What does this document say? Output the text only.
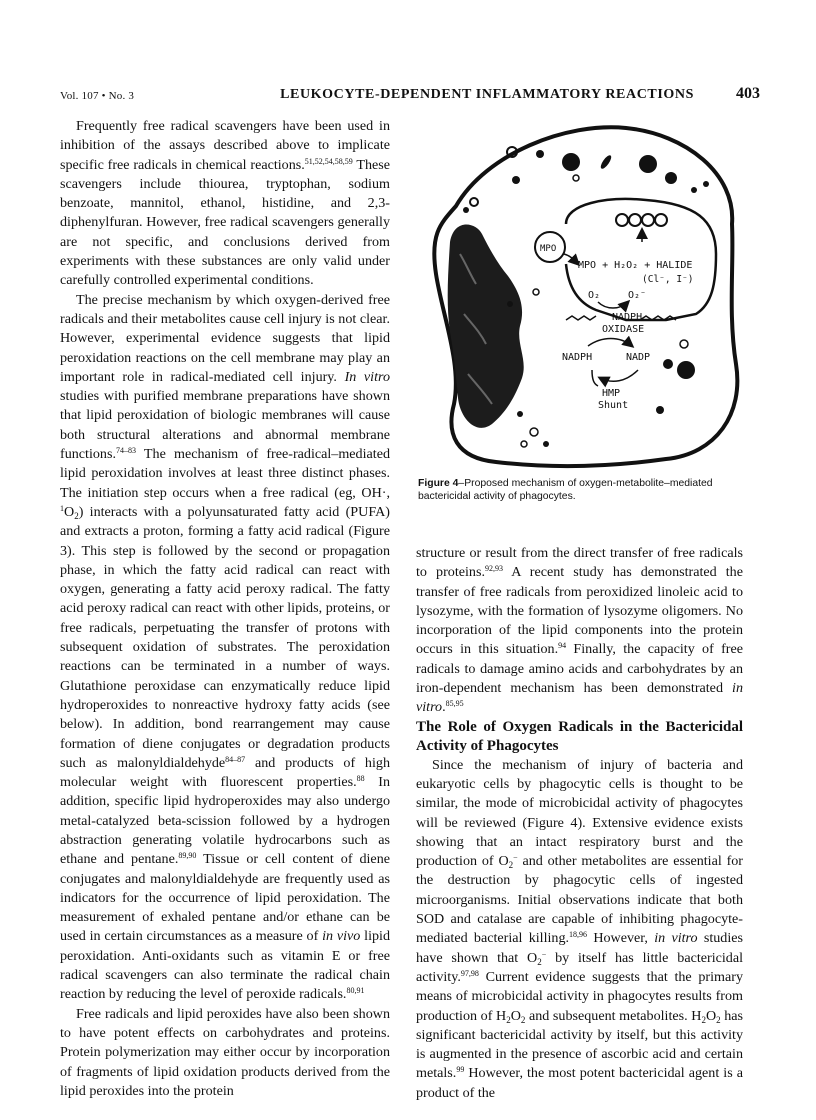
Vol. 107 • No. 3	LEUKOCYTE-DEPENDENT INFLAMMATORY REACTIONS	403

Frequently free radical scavengers have been used in inhibition of the assays described above to implicate specific free radicals in chemical reactions.$^{51,52,54,58,59}$ These scavengers include thiourea, tryptophan, sodium benzoate, mannitol, ethanol, histidine, and 2,3-diphenylfuran. However, free radical scavengers generally are not specific, and conclusions derived from experiments with these substances are only valid under carefully controlled experimental conditions.

The precise mechanism by which oxygen-derived free radicals and their metabolites cause cell injury is not clear. However, experimental evidence suggests that lipid peroxidation reactions on the cell membrane may play an important role in radical-mediated cell injury. In vitro studies with purified membrane preparations have shown that lipid peroxidation of biologic membranes will cause both structural alterations and abnormal membrane functions.$^{74-83}$ The mechanism of free-radical–mediated lipid peroxidation involves at least three distinct phases. The initiation step occurs when a free radical (eg, OH·, $^1O_2$) interacts with a polyunsaturated fatty acid (PUFA) and extracts a proton, forming a fatty acid radical (Figure 3). This step is followed by the second or propagation phase, in which the fatty acid radical can react with oxygen, generating a fatty acid peroxy radical. The fatty acid peroxy radical can react with other lipids, proteins, or free radicals, perpetuating the transfer of protons with subsequent oxidation of substrates. The peroxidation reactions can be terminated in a number of ways. Glutathione peroxidase can enzymatically reduce lipid hydroperoxides to nonreactive hydroxy fatty acids (see below). In addition, bond rearrangement may cause formation of diene conjugates or degradation products such as malonyldialdehyde$^{84-87}$ and products of high molecular weight with fluorescent properties.$^{88}$ In addition, specific lipid hydroperoxides may also undergo metal-catalyzed beta-scission followed by a hydrogen abstraction generating volatile hydrocarbons such as ethane and pentane.$^{89,90}$ Tissue or cell content of diene conjugates and malonyldialdehyde are frequently used as indicators for the occurrence of lipid peroxidation. The measurement of exhaled pentane and/or ethane can be used in certain circumstances as a measure of in vivo lipid peroxidation. Anti-oxidants such as vitamin E or free radical scavengers can also terminate the radical chain reaction by reducing the level of peroxide radicals.$^{80,91}$

Free radicals and lipid peroxides have also been shown to have potent effects on carbohydrates and proteins. Protein polymerization may either occur by incorporation of fragments of lipid oxidation products derived from the lipid peroxides into the protein

MPO
MPO + H₂O₂ + HALIDE
(Cl⁻, I⁻)
O₂	O₂⁻
NADPH
OXIDASE
NADPH	NADP
HMP
Shunt
Figure 4–Proposed mechanism of oxygen-metabolite–mediated bactericidal activity of phagocytes.

structure or result from the direct transfer of free radicals to proteins.$^{92,93}$ A recent study has demonstrated the transfer of free radicals from peroxidized linoleic acid to lysozyme, with the formation of lysozyme oligomers. No incorporation of the lipid components into the protein occurs in this situation.$^{94}$ Finally, the capacity of free radicals to damage amino acids and carbohydrates by an iron-dependent mechanism has been demonstrated in vitro.$^{85,95}$

The Role of Oxygen Radicals in the Bactericidal Activity of Phagocytes

Since the mechanism of injury of bacteria and eukaryotic cells by phagocytic cells is thought to be similar, the mode of microbicidal activity of phagocytes will be reviewed (Figure 4). Extensive evidence exists showing that an intact respiratory burst and the production of $O_2^-$ and other metabolites are essential for the destruction by phagocytic cells of ingested microorganisms. Initial observations indicate that both SOD and catalase are capable of inhibiting phagocyte-mediated bacterial killing.$^{18,96}$ However, in vitro studies have shown that $O_2^-$ by itself has little bactericidal activity.$^{97,98}$ Current evidence suggests that the primary means of microbicidal activity in phagocytes results from production of $H_2O_2$ and subsequent metabolites. $H_2O_2$ has significant bactericidal activity by itself, but this activity is augmented in the presence of ascorbic acid and certain metals.$^{99}$ However, the most potent bactericidal agent is a product of the
